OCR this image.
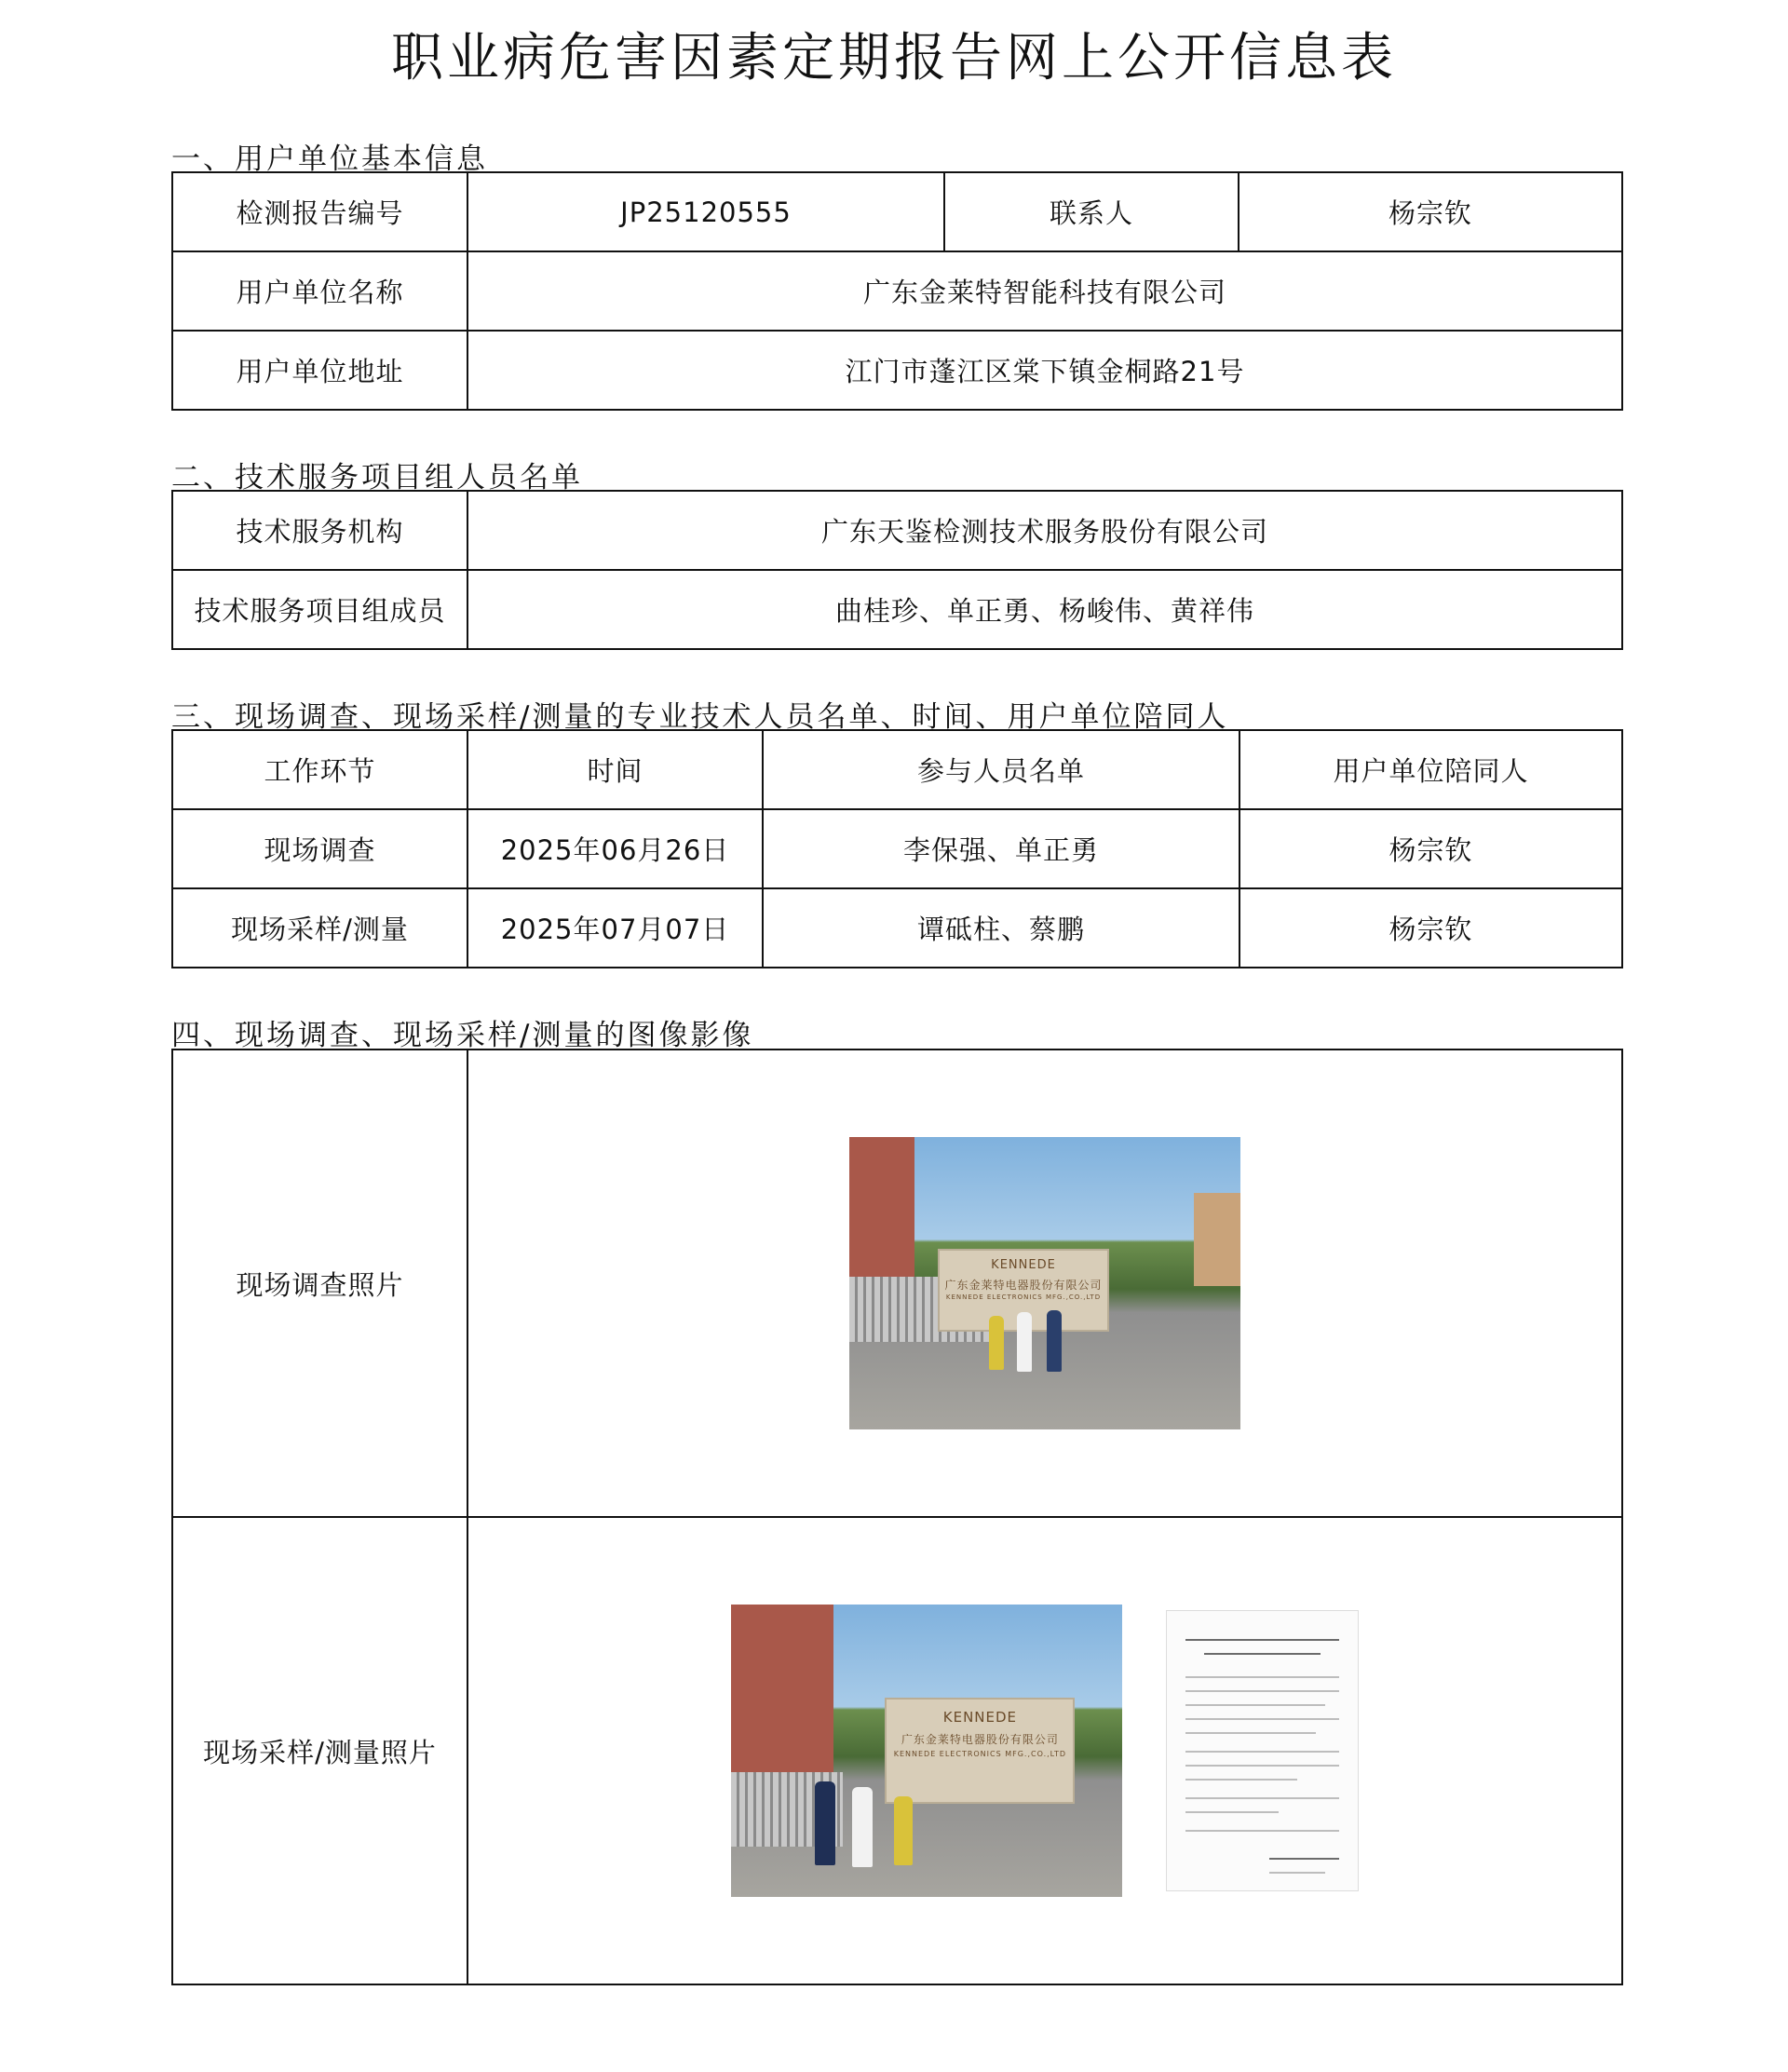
职业病危害因素定期报告网上公开信息表
一、用户单位基本信息
检测报告编号	JP25120555	联系人	杨宗钦
用户单位名称	广东金莱特智能科技有限公司		
用户单位地址	江门市蓬江区棠下镇金桐路21号		
二、技术服务项目组人员名单
技术服务机构	广东天鉴检测技术服务股份有限公司
技术服务项目组成员	曲桂珍、单正勇、杨峻伟、黄祥伟
三、现场调查、现场采样/测量的专业技术人员名单、时间、用户单位陪同人
工作环节	时间	参与人员名单	用户单位陪同人
现场调查	2025年06月26日	李保强、单正勇	杨宗钦
现场采样/测量	2025年07月07日	谭砥柱、蔡鹏	杨宗钦
四、现场调查、现场采样/测量的图像影像
现场调查照片	KENNEDE
广东金莱特电器股份有限公司
KENNEDE ELECTRONICS MFG.,CO.,LTD

现场采样/测量照片	KENNEDE
广东金莱特电器股份有限公司
KENNEDE ELECTRONICS MFG.,CO.,LTD
